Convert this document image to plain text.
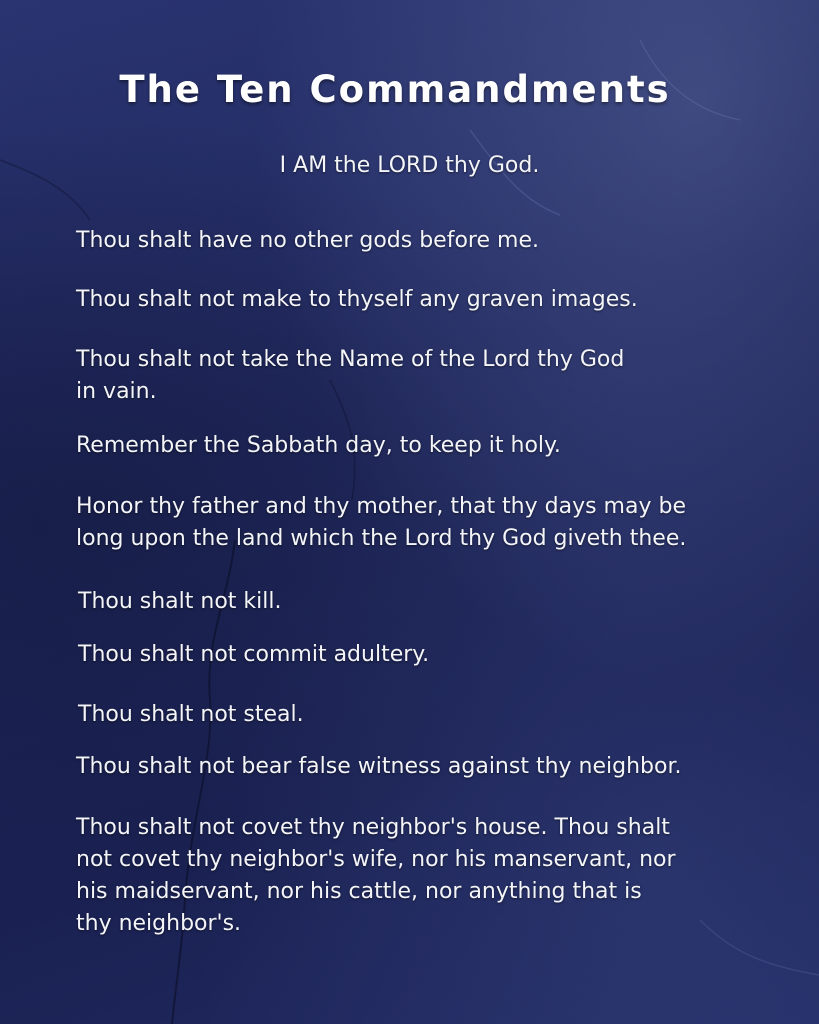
The Ten Commandments
I AM the LORD thy God.
Thou shalt have no other gods before me.
Thou shalt not make to thyself any graven images.
Thou shalt not take the Name of the Lord thy God
in vain.
Remember the Sabbath day, to keep it holy.
Honor thy father and thy mother, that thy days may be
long upon the land which the Lord thy God giveth thee.
Thou shalt not kill.
Thou shalt not commit adultery.
Thou shalt not steal.
Thou shalt not bear false witness against thy neighbor.
Thou shalt not covet thy neighbor's house. Thou shalt
not covet thy neighbor's wife, nor his manservant, nor
his maidservant, nor his cattle, nor anything that is
thy neighbor's.
